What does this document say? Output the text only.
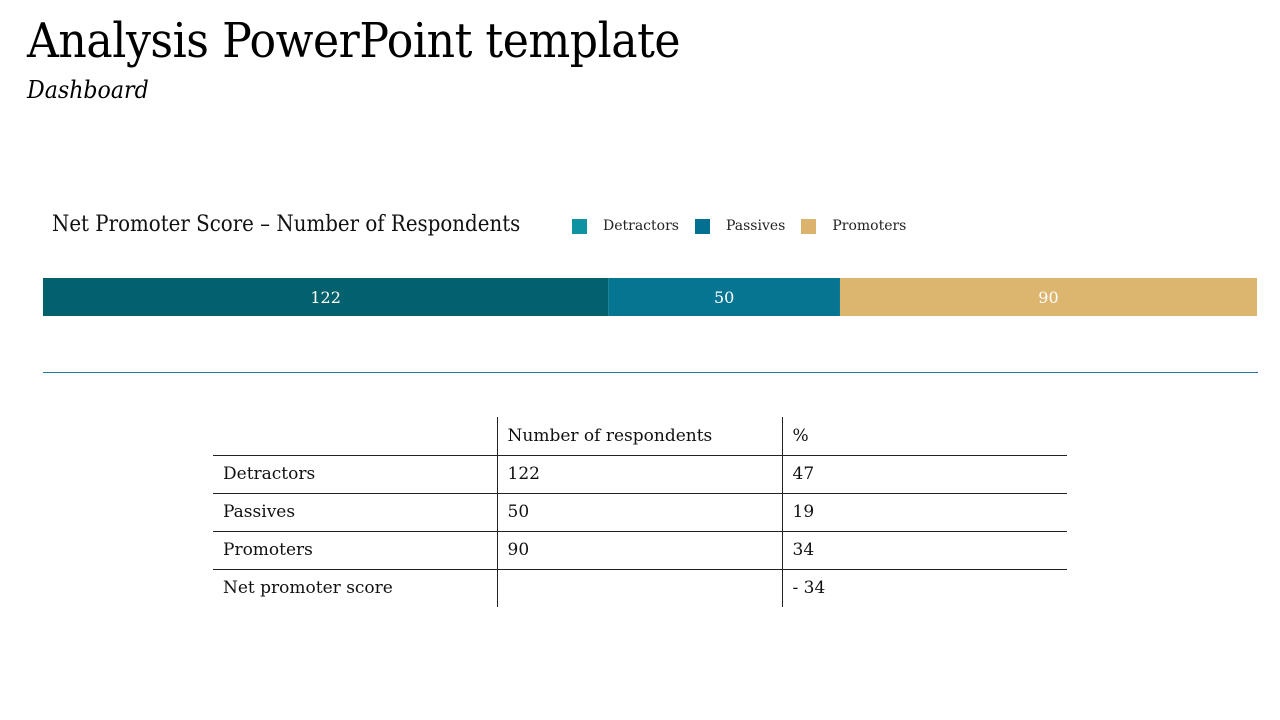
Analysis PowerPoint template
Dashboard
Net Promoter Score – Number of Respondents	Detractors	Passives	Promoters
122	50	90
	Number of respondents	%
Detractors	122	47
Passives	50	19
Promoters	90	34
Net promoter score		- 34
